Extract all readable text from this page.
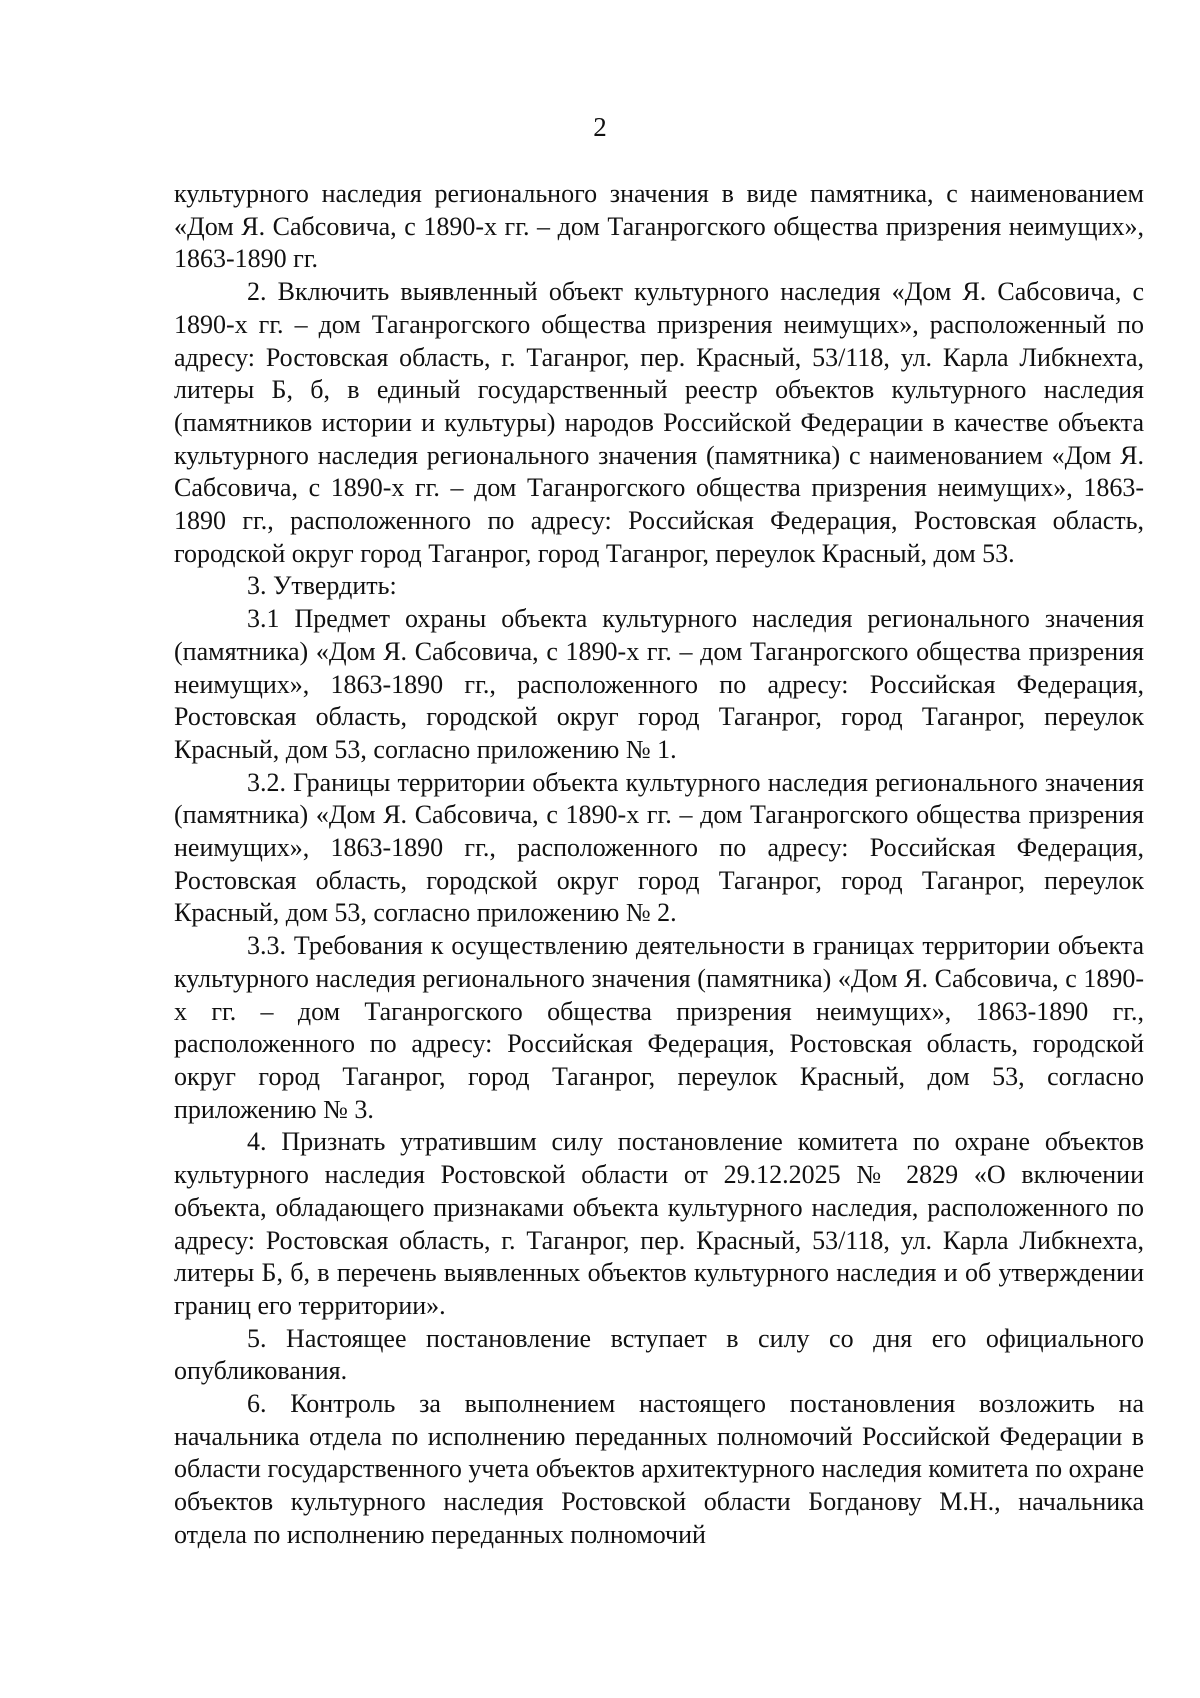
2

культурного наследия регионального значения в виде памятника, с наименованием «Дом Я. Сабсовича, с 1890-х гг. – дом Таганрогского общества призрения неимущих», 1863-1890 гг.

2. Включить выявленный объект культурного наследия «Дом Я. Сабсовича, с 1890-х гг. – дом Таганрогского общества призрения неимущих», расположенный по адресу: Ростовская область, г. Таганрог, пер. Красный, 53/118, ул. Карла Либкнехта, литеры Б, б, в единый государственный реестр объектов культурного наследия (памятников истории и культуры) народов Российской Федерации в качестве объекта культурного наследия регионального значения (памятника) с наименованием «Дом Я. Сабсовича, с 1890-х гг. – дом Таганрогского общества призрения неимущих», 1863-1890 гг., расположенного по адресу: Российская Федерация, Ростовская область, городской округ город Таганрог, город Таганрог, переулок Красный, дом 53.

3. Утвердить:

3.1 Предмет охраны объекта культурного наследия регионального значения (памятника) «Дом Я. Сабсовича, с 1890-х гг. – дом Таганрогского общества призрения неимущих», 1863-1890 гг., расположенного по адресу: Российская Федерация, Ростовская область, городской округ город Таганрог, город Таганрог, переулок Красный, дом 53, согласно приложению № 1.

3.2. Границы территории объекта культурного наследия регионального значения (памятника) «Дом Я. Сабсовича, с 1890-х гг. – дом Таганрогского общества призрения неимущих», 1863-1890 гг., расположенного по адресу: Российская Федерация, Ростовская область, городской округ город Таганрог, город Таганрог, переулок Красный, дом 53, согласно приложению № 2.

3.3. Требования к осуществлению деятельности в границах территории объекта культурного наследия регионального значения (памятника) «Дом Я. Сабсовича, с 1890-х гг. – дом Таганрогского общества призрения неимущих», 1863-1890 гг., расположенного по адресу: Российская Федерация, Ростовская область, городской округ город Таганрог, город Таганрог, переулок Красный, дом 53, согласно приложению № 3.

4. Признать утратившим силу постановление комитета по охране объектов культурного наследия Ростовской области от 29.12.2025 № 2829 «О включении объекта, обладающего признаками объекта культурного наследия, расположенного по адресу: Ростовская область, г. Таганрог, пер. Красный, 53/118, ул. Карла Либкнехта, литеры Б, б, в перечень выявленных объектов культурного наследия и об утверждении границ его территории».

5. Настоящее постановление вступает в силу со дня его официального опубликования.

6. Контроль за выполнением настоящего постановления возложить на начальника отдела по исполнению переданных полномочий Российской Федерации в области государственного учета объектов архитектурного наследия комитета по охране объектов культурного наследия Ростовской области Богданову М.Н., начальника отдела по исполнению переданных полномочий
